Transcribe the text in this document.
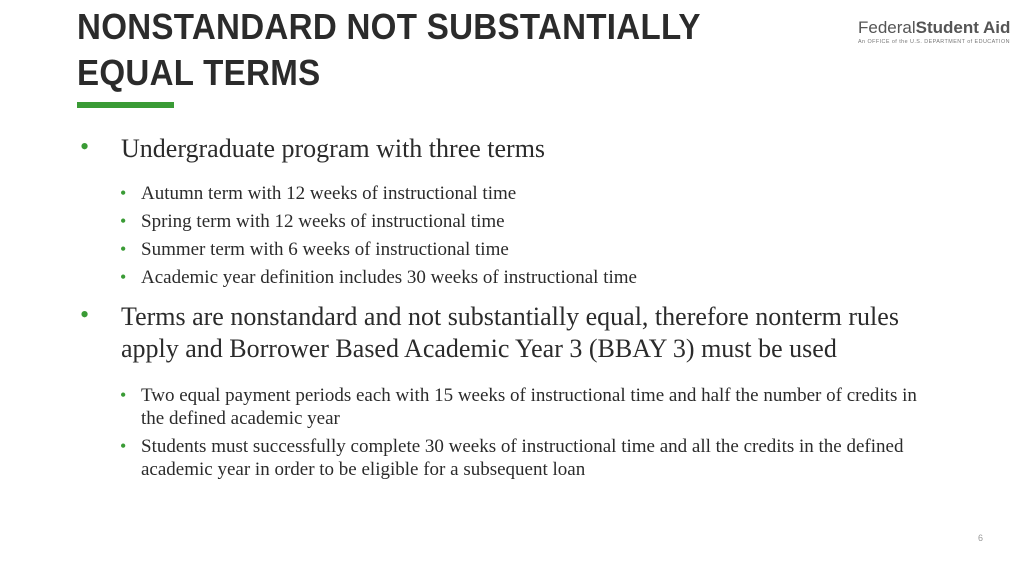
NONSTANDARD NOT SUBSTANTIALLY EQUAL TERMS
FederalStudent Aid
An OFFICE of the U.S. DEPARTMENT of EDUCATION
• Undergraduate program with three terms
• Autumn term with 12 weeks of instructional time
• Spring term with 12 weeks of instructional time
• Summer term with 6 weeks of instructional time
• Academic year definition includes 30 weeks of instructional time
• Terms are nonstandard and not substantially equal, therefore nonterm rules apply and Borrower Based Academic Year 3 (BBAY 3) must be used
• Two equal payment periods each with 15 weeks of instructional time and half the number of credits in the defined academic year
• Students must successfully complete 30 weeks of instructional time and all the credits in the defined academic year in order to be eligible for a subsequent loan
6
